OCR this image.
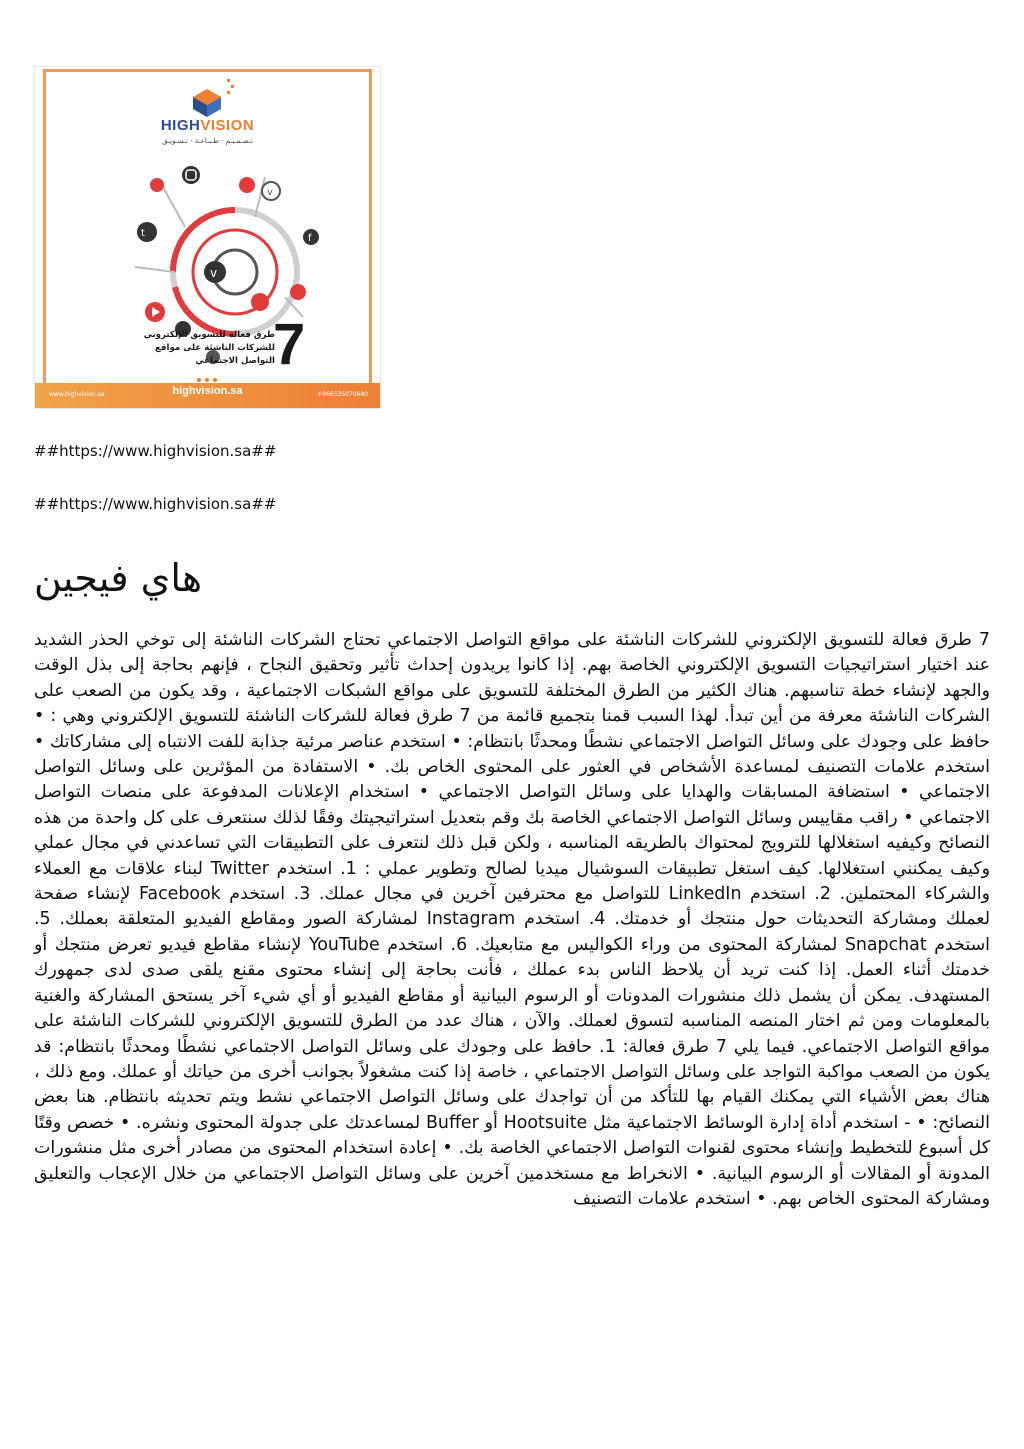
v
t
v
f
HIGHVISION
تـصـمـيـم - طـبـاعـة - تـسـويـق
7
طرق فعالة للتسويق الإلكتروني للشركات الناشئة على مواقع التواصل الاجتماعي
www.highvision.sa	highvision.sa	+966535070680
##https://www.highvision.sa##
##https://www.highvision.sa##
هاي فيجين
7 طرق فعالة للتسويق الإلكتروني للشركات الناشئة على مواقع التواصل الاجتماعي تحتاج الشركات الناشئة إلى توخي الحذر الشديد عند اختيار استراتيجيات التسويق الإلكتروني الخاصة بهم. إذا كانوا يريدون إحداث تأثير وتحقيق النجاح ، فإنهم بحاجة إلى بذل الوقت والجهد لإنشاء خطة تناسبهم. هناك الكثير من الطرق المختلفة للتسويق على مواقع الشبكات الاجتماعية ، وقد يكون من الصعب على الشركات الناشئة معرفة من أين تبدأ. لهذا السبب قمنا بتجميع قائمة من 7 طرق فعالة للشركات الناشئة للتسويق الإلكتروني وهي : • حافظ على وجودك على وسائل التواصل الاجتماعي نشطًا ومحدثًا بانتظام: • استخدم عناصر مرئية جذابة للفت الانتباه إلى مشاركاتك • استخدم علامات التصنيف لمساعدة الأشخاص في العثور على المحتوى الخاص بك. • الاستفادة من المؤثرين على وسائل التواصل الاجتماعي • استضافة المسابقات والهدايا على وسائل التواصل الاجتماعي • استخدام الإعلانات المدفوعة على منصات التواصل الاجتماعي • راقب مقاييس وسائل التواصل الاجتماعي الخاصة بك وقم بتعديل استراتيجيتك وفقًا لذلك سنتعرف على كل واحدة من هذه النصائح وكيفيه استغلالها للترويج لمحتواك بالطريقه المناسبه ، ولكن قبل ذلك لنتعرف على التطبيقات التي تساعدني في مجال عملي وكيف يمكنني استغلالها. كيف استغل تطبيقات السوشيال ميديا لصالح وتطوير عملي : 1. استخدم Twitter لبناء علاقات مع العملاء والشركاء المحتملين. 2. استخدم LinkedIn للتواصل مع محترفين آخرين في مجال عملك. 3. استخدم Facebook لإنشاء صفحة لعملك ومشاركة التحديثات حول منتجك أو خدمتك. 4. استخدم Instagram لمشاركة الصور ومقاطع الفيديو المتعلقة بعملك. 5. استخدم Snapchat لمشاركة المحتوى من وراء الكواليس مع متابعيك. 6. استخدم YouTube لإنشاء مقاطع فيديو تعرض منتجك أو خدمتك أثناء العمل. إذا كنت تريد أن يلاحظ الناس بدء عملك ، فأنت بحاجة إلى إنشاء محتوى مقنع يلقى صدى لدى جمهورك المستهدف. يمكن أن يشمل ذلك منشورات المدونات أو الرسوم البيانية أو مقاطع الفيديو أو أي شيء آخر يستحق المشاركة والغنية بالمعلومات ومن ثم اختار المنصه المناسبه لتسوق لعملك. والآن ، هناك عدد من الطرق للتسويق الإلكتروني للشركات الناشئة على مواقع التواصل الاجتماعي. فيما يلي 7 طرق فعالة: 1. حافظ على وجودك على وسائل التواصل الاجتماعي نشطًا ومحدثًا بانتظام: قد يكون من الصعب مواكبة التواجد على وسائل التواصل الاجتماعي ، خاصة إذا كنت مشغولاً بجوانب أخرى من حياتك أو عملك. ومع ذلك ، هناك بعض الأشياء التي يمكنك القيام بها للتأكد من أن تواجدك على وسائل التواصل الاجتماعي نشط ويتم تحديثه بانتظام. هنا بعض النصائح: • - استخدم أداة إدارة الوسائط الاجتماعية مثل Hootsuite أو Buffer لمساعدتك على جدولة المحتوى ونشره. • خصص وقتًا كل أسبوع للتخطيط وإنشاء محتوى لقنوات التواصل الاجتماعي الخاصة بك. • إعادة استخدام المحتوى من مصادر أخرى مثل منشورات المدونة أو المقالات أو الرسوم البيانية. • الانخراط مع مستخدمين آخرين على وسائل التواصل الاجتماعي من خلال الإعجاب والتعليق ومشاركة المحتوى الخاص بهم. • استخدم علامات التصنيف
